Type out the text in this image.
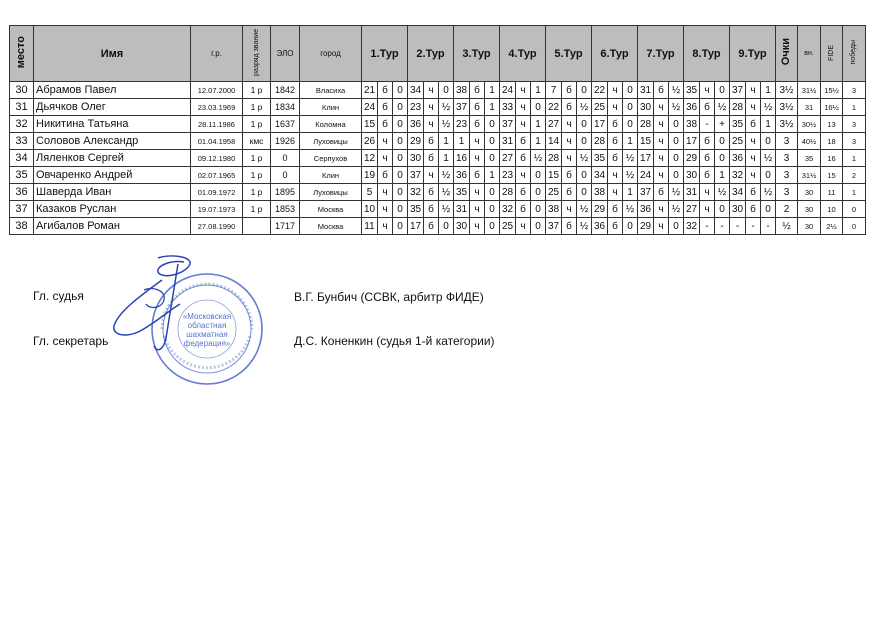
место	Имя	г.р.	разряд звание	ЭЛО	город	1.Тур			2.Тур			3.Тур			4.Тур			5.Тур			6.Тур			7.Тур			8.Тур			9.Тур			Очки	вн.	FIDE	победы
30	Абрамов Павел	12.07.2000	1 р	1842	Власиха	21	б	0	34	ч	0	38	б	1	24	ч	1	7	б	0	22	ч	0	31	б	½	35	ч	0	37	ч	1	3½	31½	15½	3
31	Дьячков Олег	23.03.1969	1 р	1834	Клин	24	б	0	23	ч	½	37	б	1	33	ч	0	22	б	½	25	ч	0	30	ч	½	36	б	½	28	ч	½	3½	31	16½	1
32	Никитина Татьяна	28.11.1986	1 р	1637	Коломна	15	б	0	36	ч	½	23	б	0	37	ч	1	27	ч	0	17	б	0	28	ч	0	38	-	+	35	б	1	3½	30½	13	3
33	Соловов Александр	01.04.1958	кмс	1926	Луховицы	26	ч	0	29	б	1	1	ч	0	31	б	1	14	ч	0	28	б	1	15	ч	0	17	б	0	25	ч	0	3	40½	18	3
34	Ляленков Сергей	09.12.1980	1 р	0	Серпухов	12	ч	0	30	б	1	16	ч	0	27	б	½	28	ч	½	35	б	½	17	ч	0	29	б	0	36	ч	½	3	35	16	1
35	Овчаренко Андрей	02.07.1965	1 р	0	Клин	19	б	0	37	ч	½	36	б	1	23	ч	0	15	б	0	34	ч	½	24	ч	0	30	б	1	32	ч	0	3	31½	15	2
36	Шаверда Иван	01.09.1972	1 р	1895	Луховицы	5	ч	0	32	б	½	35	ч	0	28	б	0	25	б	0	38	ч	1	37	б	½	31	ч	½	34	б	½	3	30	11	1
37	Казаков Руслан	19.07.1973	1 р	1853	Москва	10	ч	0	35	б	½	31	ч	0	32	б	0	38	ч	½	29	б	½	36	ч	½	27	ч	0	30	б	0	2	30	10	0
38	Агибалов Роман	27.08.1990		1717	Москва	11	ч	0	17	б	0	30	ч	0	25	ч	0	37	б	½	36	б	0	29	ч	0	32	-	-	-	-	-	½	30	2½	0
Гл. судья	В.Г. Бунбич (ССВК, арбитр ФИДЕ)
Гл. секретарь	Д.С. Коненкин (судья 1-й категории)
«Московская
областная
шахматная
федерация»
